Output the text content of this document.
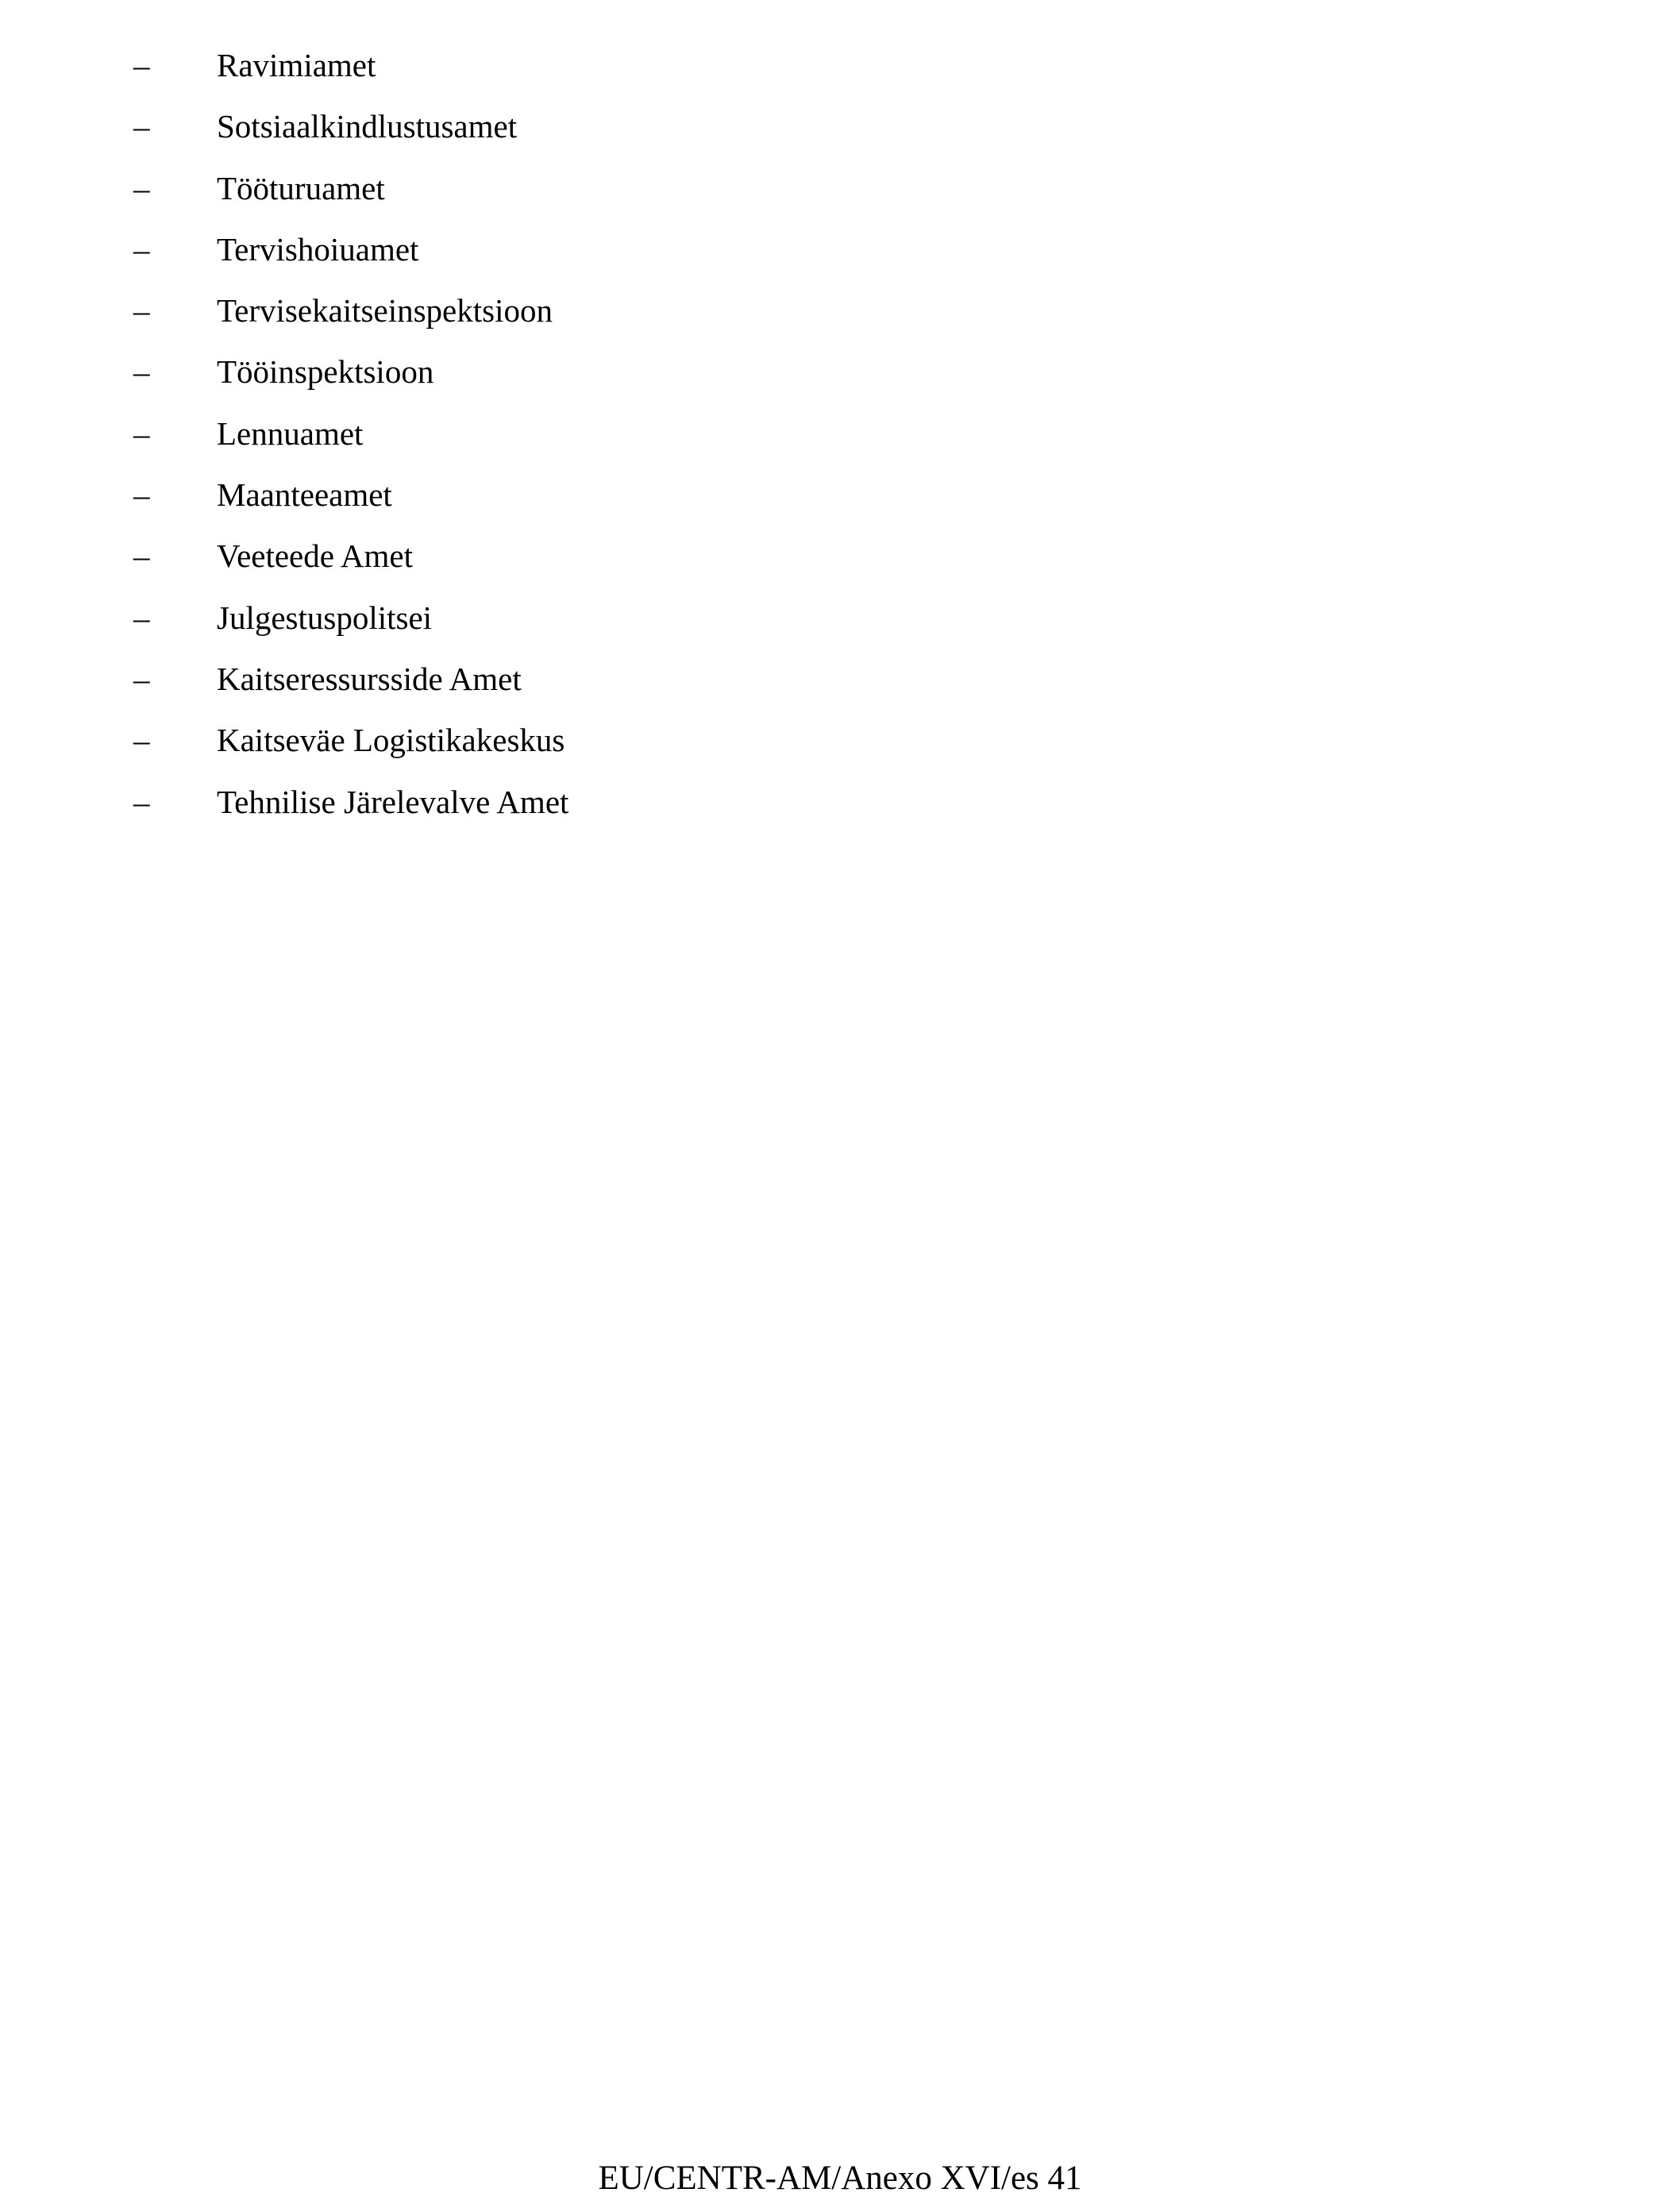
– Ravimiamet
– Sotsiaalkindlustusamet
– Tööturuamet
– Tervishoiuamet
– Tervisekaitseinspektsioon
– Tööinspektsioon
– Lennuamet
– Maanteeamet
– Veeteede Amet
– Julgestuspolitsei
– Kaitseressursside Amet
– Kaitseväe Logistikakeskus
– Tehnilise Järelevalve Amet
EU/CENTR-AM/Anexo XVI/es 41
